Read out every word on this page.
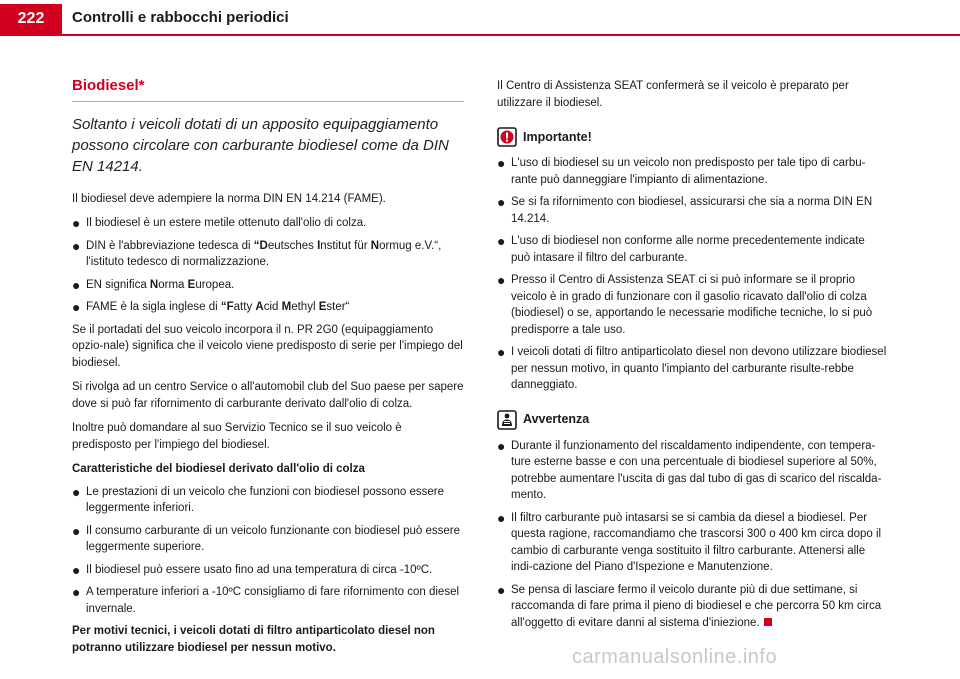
222	Controlli e rabbocchi periodici
Biodiesel*
Soltanto i veicoli dotati di un apposito equipaggiamento possono circolare con carburante biodiesel come da DIN EN 14214.

Il biodiesel deve adempiere la norma DIN EN 14.214 (FAME).

● Il biodiesel è un estere metile ottenuto dall'olio di colza.
● DIN è l'abbreviazione tedesca di “Deutsches Institut für Normug e.V.“, l'istituto tedesco di normalizzazione.
● EN significa Norma Europea.
● FAME è la sigla inglese di “Fatty Acid Methyl Ester“

Se il portadati del suo veicolo incorpora il n. PR 2G0 (equipaggiamento opzio-nale) significa che il veicolo viene predisposto di serie per l'impiego del biodiesel.

Si rivolga ad un centro Service o all'automobil club del Suo paese per sapere dove si può far rifornimento di carburante derivato dall'olio di colza.

Inoltre può domandare al suo Servizio Tecnico se il suo veicolo è predisposto per l'impiego del biodiesel.

Caratteristiche del biodiesel derivato dall'olio di colza
● Le prestazioni di un veicolo che funzioni con biodiesel possono essere leggermente inferiori.
● Il consumo carburante di un veicolo funzionante con biodiesel può essere leggermente superiore.
● Il biodiesel può essere usato fino ad una temperatura di circa -10ºC.
● A temperature inferiori a -10ºC consigliamo di fare rifornimento con diesel invernale.

Per motivi tecnici, i veicoli dotati di filtro antiparticolato diesel non potranno utilizzare biodiesel per nessun motivo.

Il Centro di Assistenza SEAT confermerà se il veicolo è preparato per utilizzare il biodiesel.

Importante!
● L'uso di biodiesel su un veicolo non predisposto per tale tipo di carbu-rante può danneggiare l'impianto di alimentazione.
● Se si fa rifornimento con biodiesel, assicurarsi che sia a norma DIN EN 14.214.
● L'uso di biodiesel non conforme alle norme precedentemente indicate può intasare il filtro del carburante.
● Presso il Centro di Assistenza SEAT ci si può informare se il proprio veicolo è in grado di funzionare con il gasolio ricavato dall'olio di colza (biodiesel) o se, apportando le necessarie modifiche tecniche, lo si può predisporre a tale uso.
● I veicoli dotati di filtro antiparticolato diesel non devono utilizzare biodiesel per nessun motivo, in quanto l'impianto del carburante risulte-rebbe danneggiato.
Avvertenza
● Durante il funzionamento del riscaldamento indipendente, con tempera-ture esterne basse e con una percentuale di biodiesel superiore al 50%, potrebbe aumentare l'uscita di gas dal tubo di gas di scarico del riscalda-mento.
● Il filtro carburante può intasarsi se si cambia da diesel a biodiesel. Per questa ragione, raccomandiamo che trascorsi 300 o 400 km circa dopo il cambio di carburante venga sostituito il filtro carburante. Attenersi alle indi-cazione del Piano d'Ispezione e Manutenzione.
● Se pensa di lasciare fermo il veicolo durante più di due settimane, si raccomanda di fare prima il pieno di biodiesel e che percorra 50 km circa all'oggetto di evitare danni al sistema d'iniezione.
carmanualsonline.info
